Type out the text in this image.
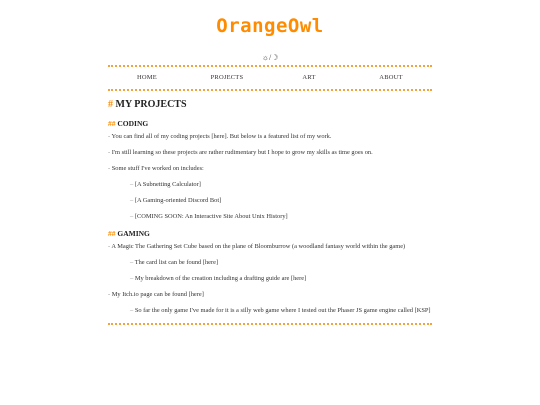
OrangeOwl
☼/☽
HOME	PROJECTS	ART	ABOUT
# MY PROJECTS
## CODING
- You can find all of my coding projects [here]. But below is a featured list of my work.
- I'm still learning so these projects are rather rudimentary but I hope to grow my skills as time goes on.
- Some stuff I've worked on includes:
– [A Subnetting Calculator]
– [A Gaming-oriented Discord Bot]
– [COMING SOON: An Interactive Site About Unix History]
## GAMING
- A Magic The Gathering Set Cube based on the plane of Bloomburrow (a woodland fantasy world within the game)
– The card list can be found [here]
– My breakdown of the creation including a drafting guide are [here]
- My Itch.io page can be found [here]
– So far the only game I've made for it is a silly web game where I tested out the Phaser JS game engine called [KSP]
